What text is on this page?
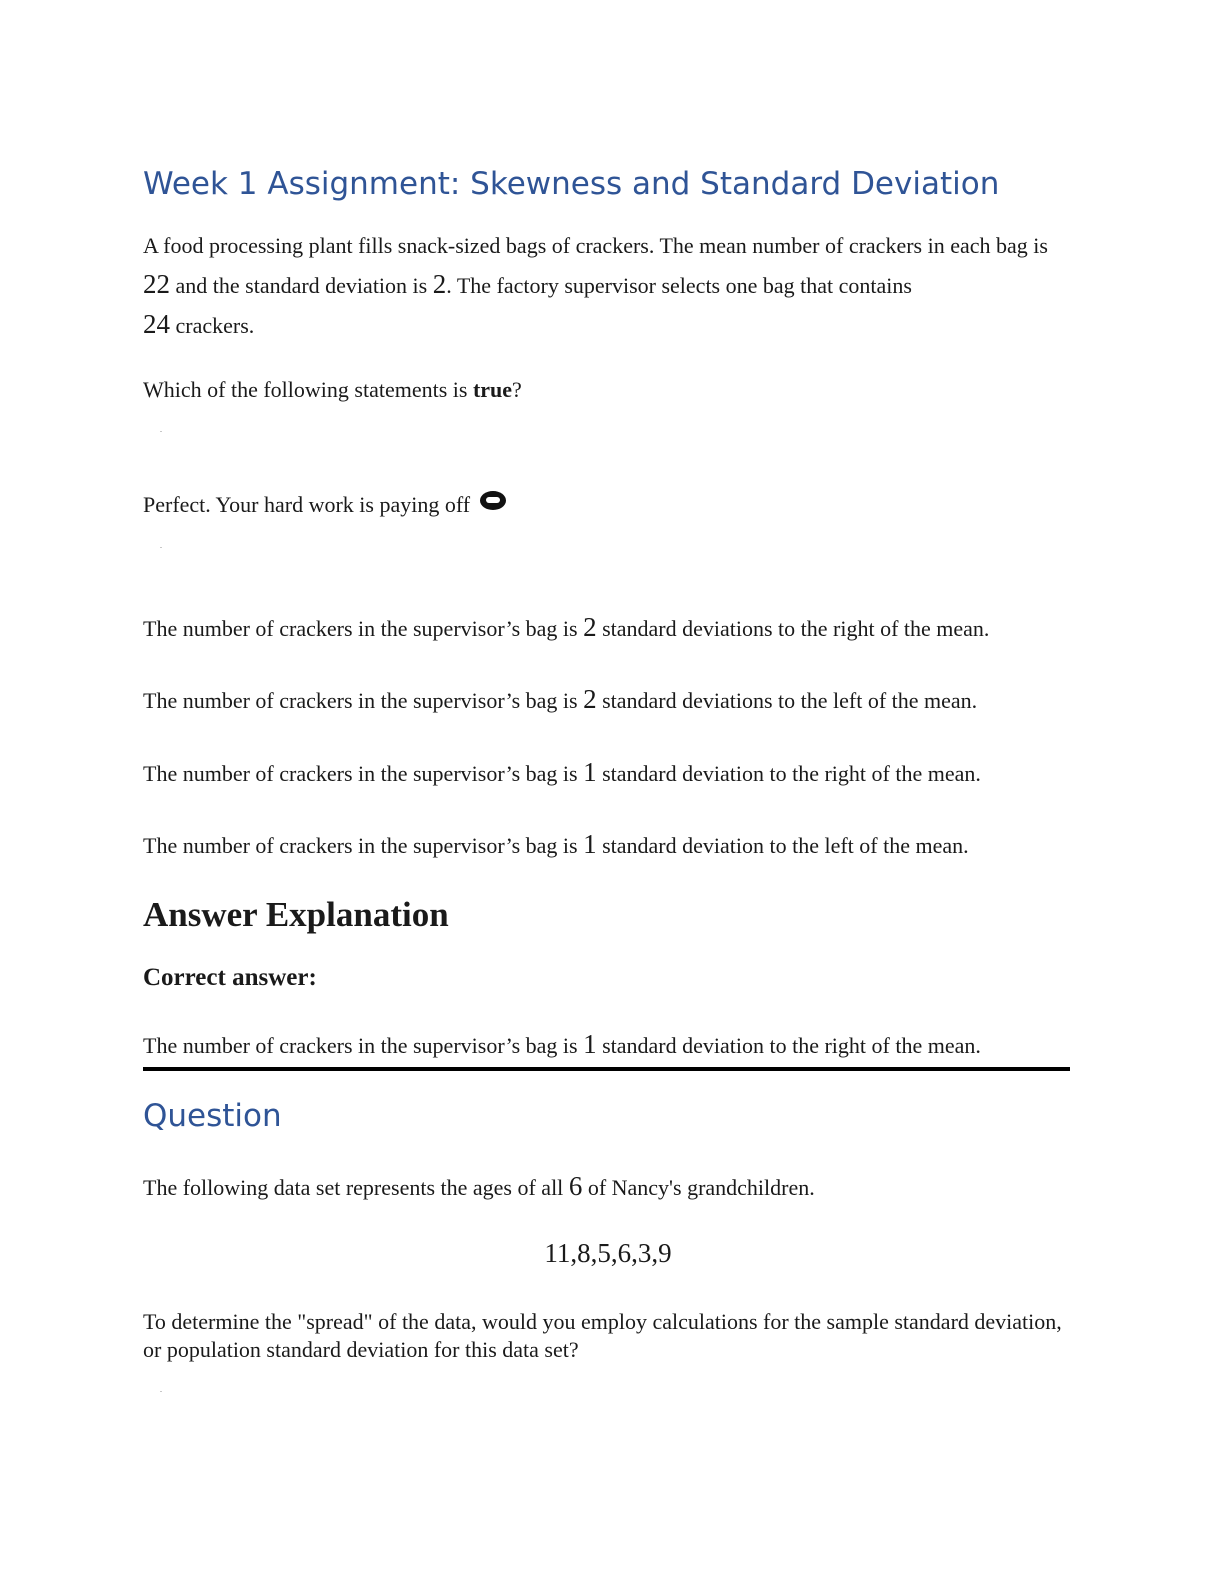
Week 1 Assignment: Skewness and Standard Deviation

A food processing plant fills snack-sized bags of crackers. The mean number of crackers in each bag is 22 and the standard deviation is 2. The factory supervisor selects one bag that contains
24 crackers.

Which of the following statements is true?

Perfect. Your hard work is paying off

The number of crackers in the supervisor’s bag is 2 standard deviations to the right of the mean.

The number of crackers in the supervisor’s bag is 2 standard deviations to the left of the mean.

The number of crackers in the supervisor’s bag is 1 standard deviation to the right of the mean.

The number of crackers in the supervisor’s bag is 1 standard deviation to the left of the mean.

Answer Explanation
Correct answer:

The number of crackers in the supervisor’s bag is 1 standard deviation to the right of the mean.

Question

The following data set represents the ages of all 6 of Nancy's grandchildren.

11,8,5,6,3,9

To determine the "spread" of the data, would you employ calculations for the sample standard deviation, or population standard deviation for this data set?
